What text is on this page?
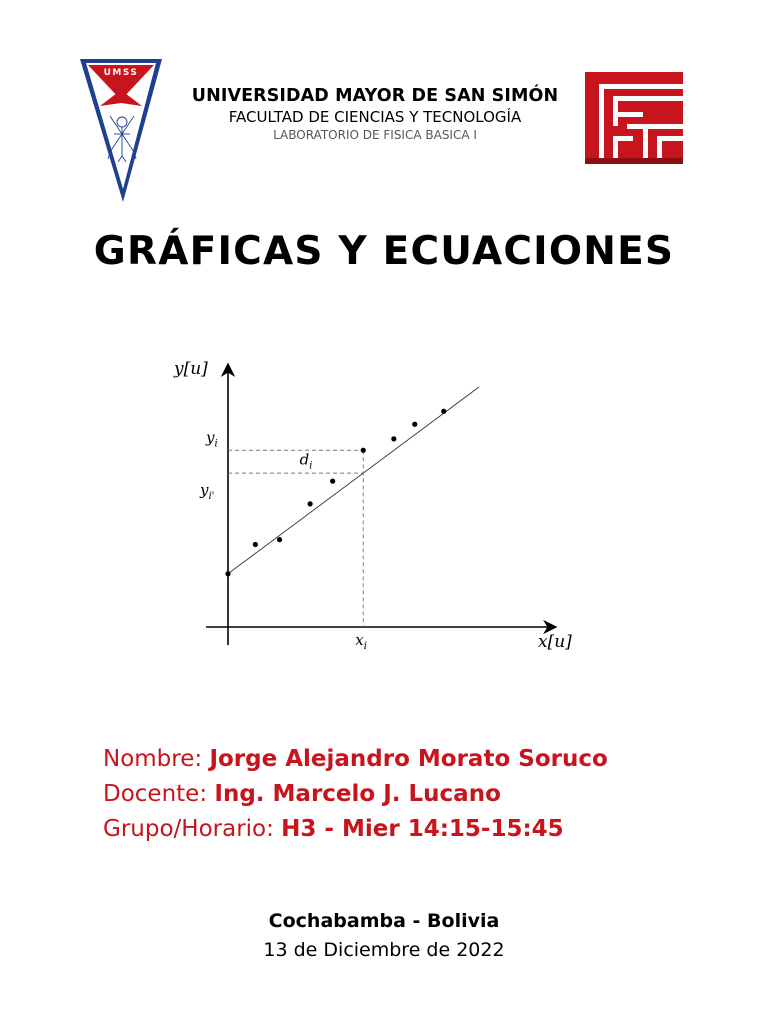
UMSS
UNIVERSIDAD MAYOR DE SAN SIMÓN
FACULTAD DE CIENCIAS Y TECNOLOGÍA
LABORATORIO DE FISICA BASICA I
GRÁFICAS Y ECUACIONES
y[u]
x[u]
$x_i$
$y_i$
$y_{i'}$
$d_i$
Nombre: Jorge Alejandro Morato Soruco
Docente: Ing. Marcelo J. Lucano
Grupo/Horario: H3 - Mier 14:15-15:45
Cochabamba - Bolivia
13 de Diciembre de 2022
